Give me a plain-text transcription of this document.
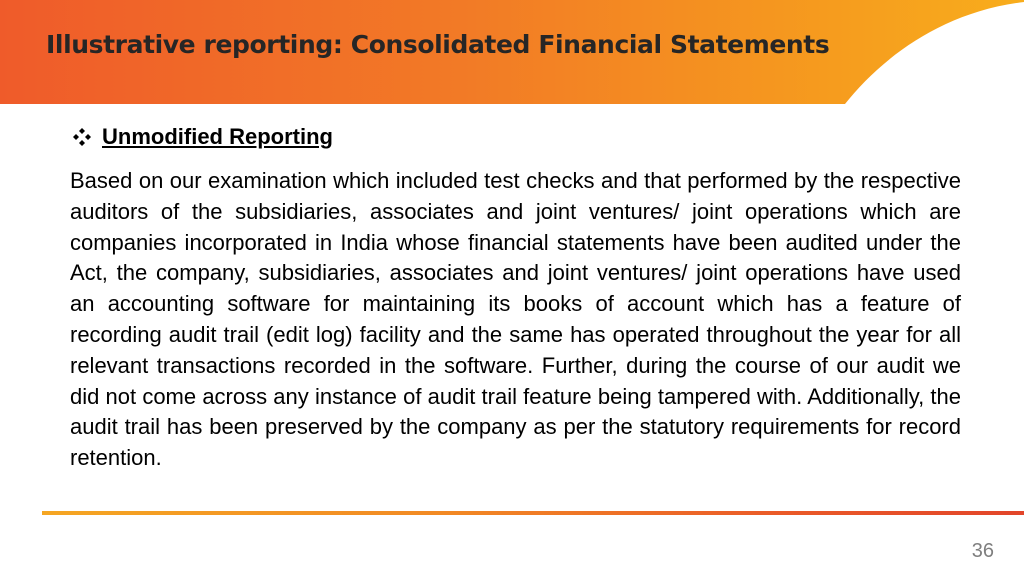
Illustrative reporting: Consolidated Financial Statements
Unmodified Reporting

Based on our examination which included test checks and that performed by the respective auditors of the subsidiaries, associates and joint ventures/ joint operations which are companies incorporated in India whose financial statements have been audited under the Act, the company, subsidiaries, associates and joint ventures/ joint operations have used an accounting software for maintaining its books of account which has a feature of recording audit trail (edit log) facility and the same has operated throughout the year for all relevant transactions recorded in the software. Further, during the course of our audit we did not come across any instance of audit trail feature being tampered with. Additionally, the audit trail has been preserved by the company as per the statutory requirements for record retention.

36
